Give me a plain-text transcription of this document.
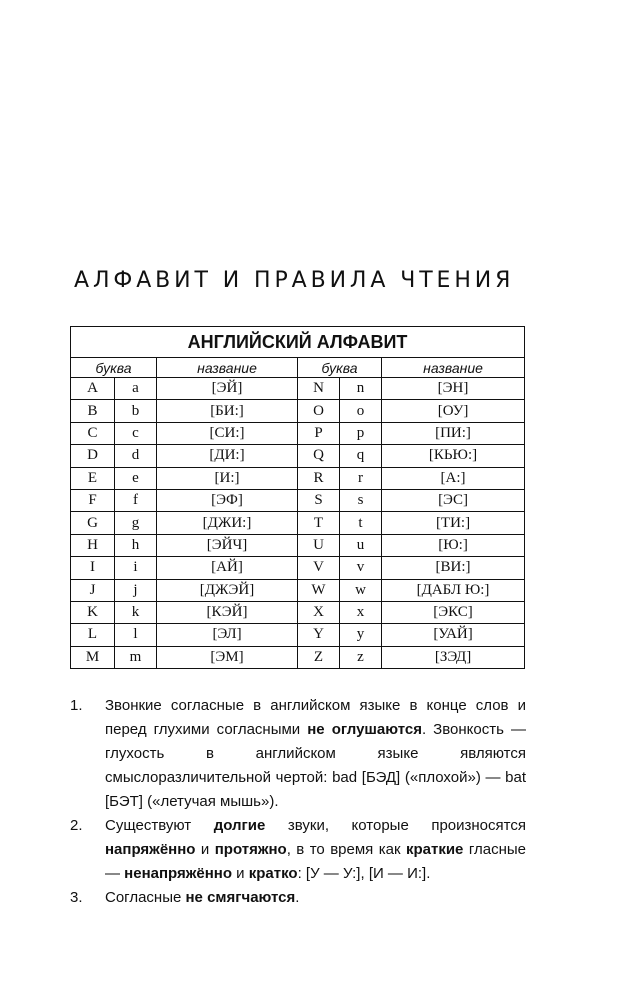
АЛФАВИТ И ПРАВИЛА ЧТЕНИЯ
АНГЛИЙСКИЙ АЛФАВИТ					
буква		название	буква		название
A	a	[ЭЙ]	N	n	[ЭН]
B	b	[БИ:]	O	o	[ОУ]
C	c	[СИ:]	P	p	[ПИ:]
D	d	[ДИ:]	Q	q	[КЬЮ:]
E	e	[И:]	R	r	[А:]
F	f	[ЭФ]	S	s	[ЭС]
G	g	[ДЖИ:]	T	t	[ТИ:]
H	h	[ЭЙЧ]	U	u	[Ю:]
I	i	[АЙ]	V	v	[ВИ:]
J	j	[ДЖЭЙ]	W	w	[ДАБЛ Ю:]
K	k	[КЭЙ]	X	x	[ЭКС]
L	l	[ЭЛ]	Y	y	[УАЙ]
M	m	[ЭМ]	Z	z	[ЗЭД]
1. Звонкие согласные в английском языке в конце слов и перед глухими согласными не оглушаются. Звонкость — глухость в английском языке являются смыслоразличительной чертой: bad [БЭД] («плохой») — bat [БЭТ] («летучая мышь»).
2. Существуют долгие звуки, которые произносятся напряжённо и протяжно, в то время как краткие гласные — ненапряжённо и кратко: [У — У:], [И — И:].
3. Согласные не смягчаются.
